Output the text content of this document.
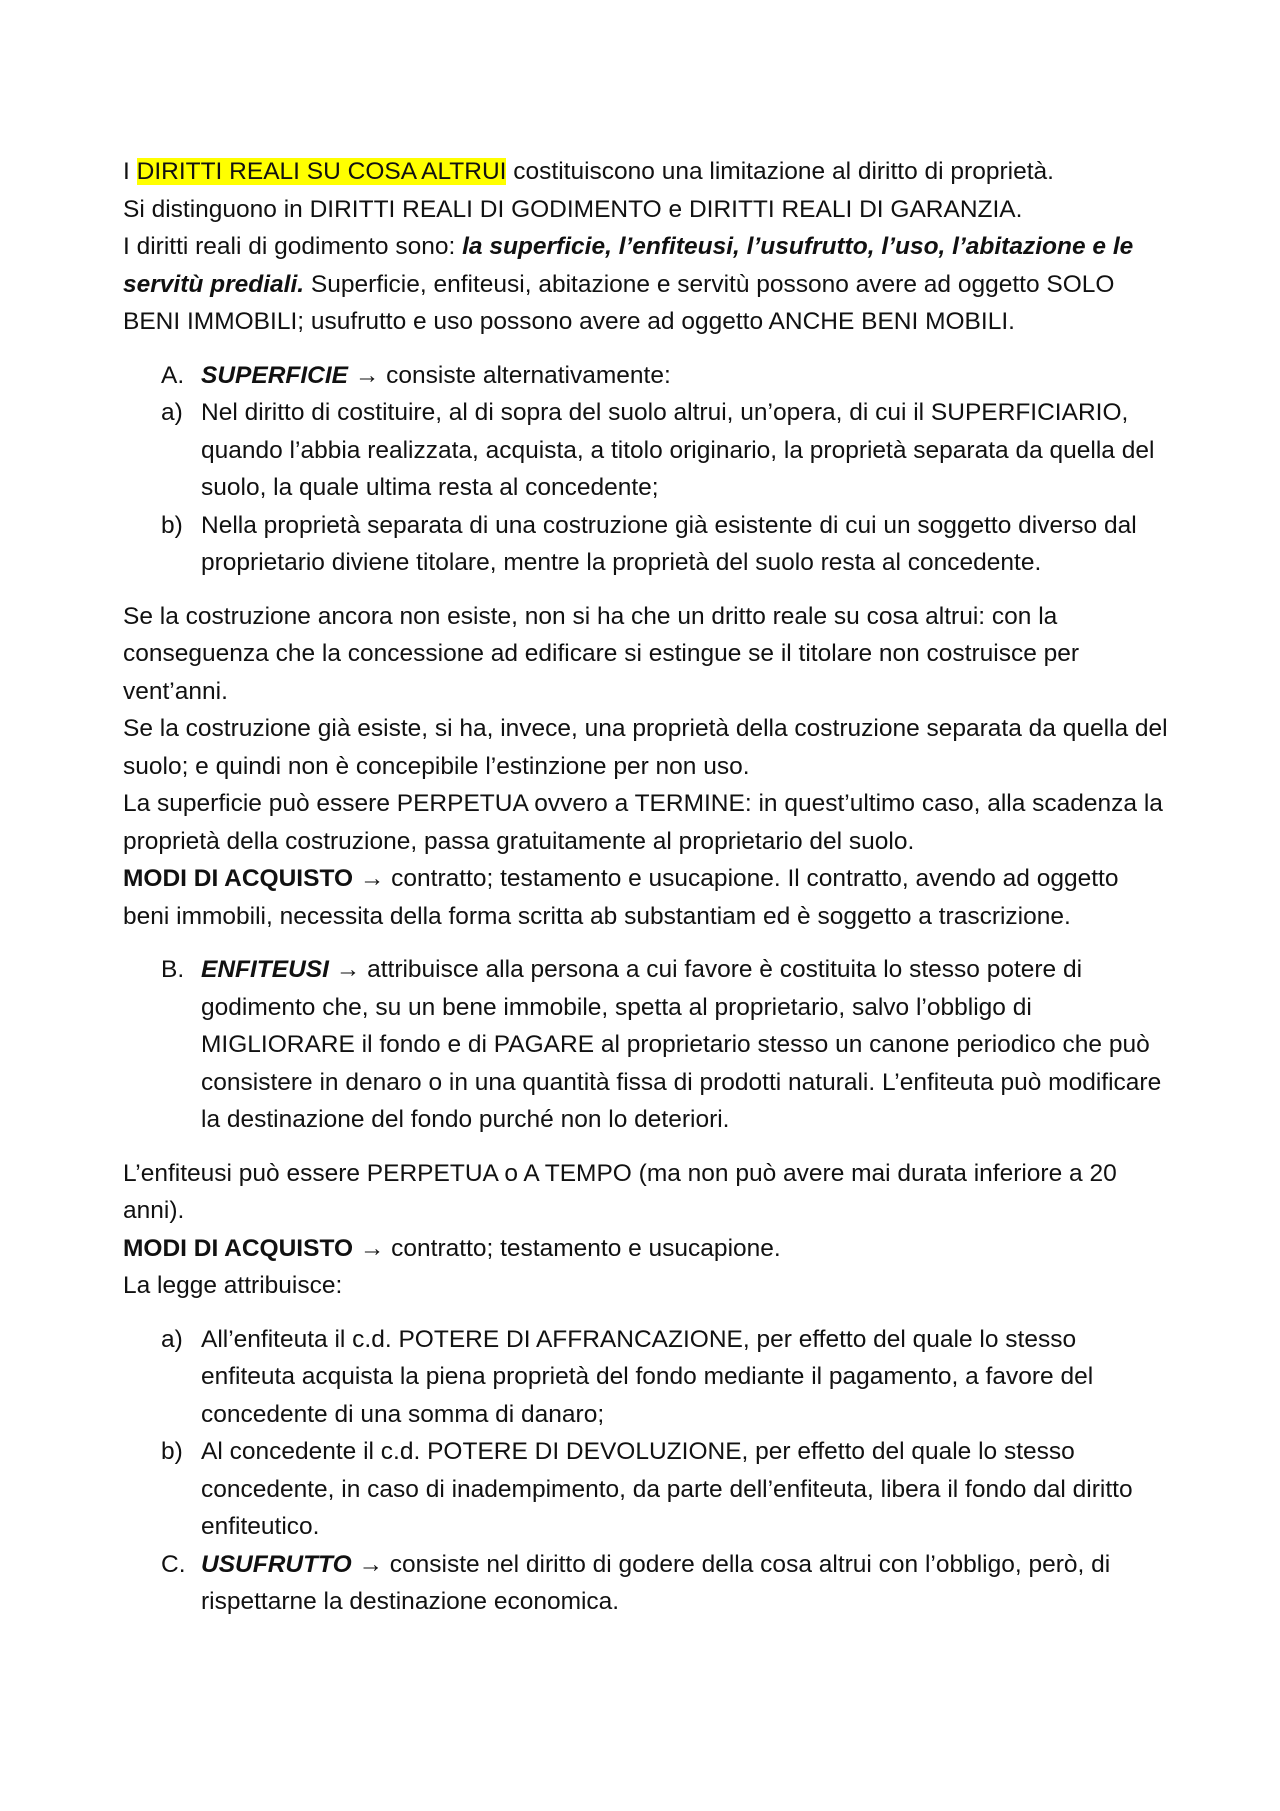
I DIRITTI REALI SU COSA ALTRUI costituiscono una limitazione al diritto di proprietà.

Si distinguono in DIRITTI REALI DI GODIMENTO e DIRITTI REALI DI GARANZIA.

I diritti reali di godimento sono: la superficie, l’enfiteusi, l’usufrutto, l’uso, l’abitazione e le servitù prediali. Superficie, enfiteusi, abitazione e servitù possono avere ad oggetto SOLO BENI IMMOBILI; usufrutto e uso possono avere ad oggetto ANCHE BENI MOBILI.

A. SUPERFICIE → consiste alternativamente:
a) Nel diritto di costituire, al di sopra del suolo altrui, un’opera, di cui il SUPERFICIARIO, quando l’abbia realizzata, acquista, a titolo originario, la proprietà separata da quella del suolo, la quale ultima resta al concedente;
b) Nella proprietà separata di una costruzione già esistente di cui un soggetto diverso dal proprietario diviene titolare, mentre la proprietà del suolo resta al concedente.

Se la costruzione ancora non esiste, non si ha che un dritto reale su cosa altrui: con la conseguenza che la concessione ad edificare si estingue se il titolare non costruisce per vent’anni.

Se la costruzione già esiste, si ha, invece, una proprietà della costruzione separata da quella del suolo; e quindi non è concepibile l’estinzione per non uso.

La superficie può essere PERPETUA ovvero a TERMINE: in quest’ultimo caso, alla scadenza la proprietà della costruzione, passa gratuitamente al proprietario del suolo.

MODI DI ACQUISTO → contratto; testamento e usucapione. Il contratto, avendo ad oggetto beni immobili, necessita della forma scritta ab substantiam ed è soggetto a trascrizione.

B. ENFITEUSI → attribuisce alla persona a cui favore è costituita lo stesso potere di godimento che, su un bene immobile, spetta al proprietario, salvo l’obbligo di MIGLIORARE il fondo e di PAGARE al proprietario stesso un canone periodico che può consistere in denaro o in una quantità fissa di prodotti naturali. L’enfiteuta può modificare la destinazione del fondo purché non lo deteriori.

L’enfiteusi può essere PERPETUA o A TEMPO (ma non può avere mai durata inferiore a 20 anni).

MODI DI ACQUISTO → contratto; testamento e usucapione.

La legge attribuisce:

a) All’enfiteuta il c.d. POTERE DI AFFRANCAZIONE, per effetto del quale lo stesso enfiteuta acquista la piena proprietà del fondo mediante il pagamento, a favore del concedente di una somma di danaro;
b) Al concedente il c.d. POTERE DI DEVOLUZIONE, per effetto del quale lo stesso concedente, in caso di inadempimento, da parte dell’enfiteuta, libera il fondo dal diritto enfiteutico.
C. USUFRUTTO → consiste nel diritto di godere della cosa altrui con l’obbligo, però, di rispettarne la destinazione economica.
